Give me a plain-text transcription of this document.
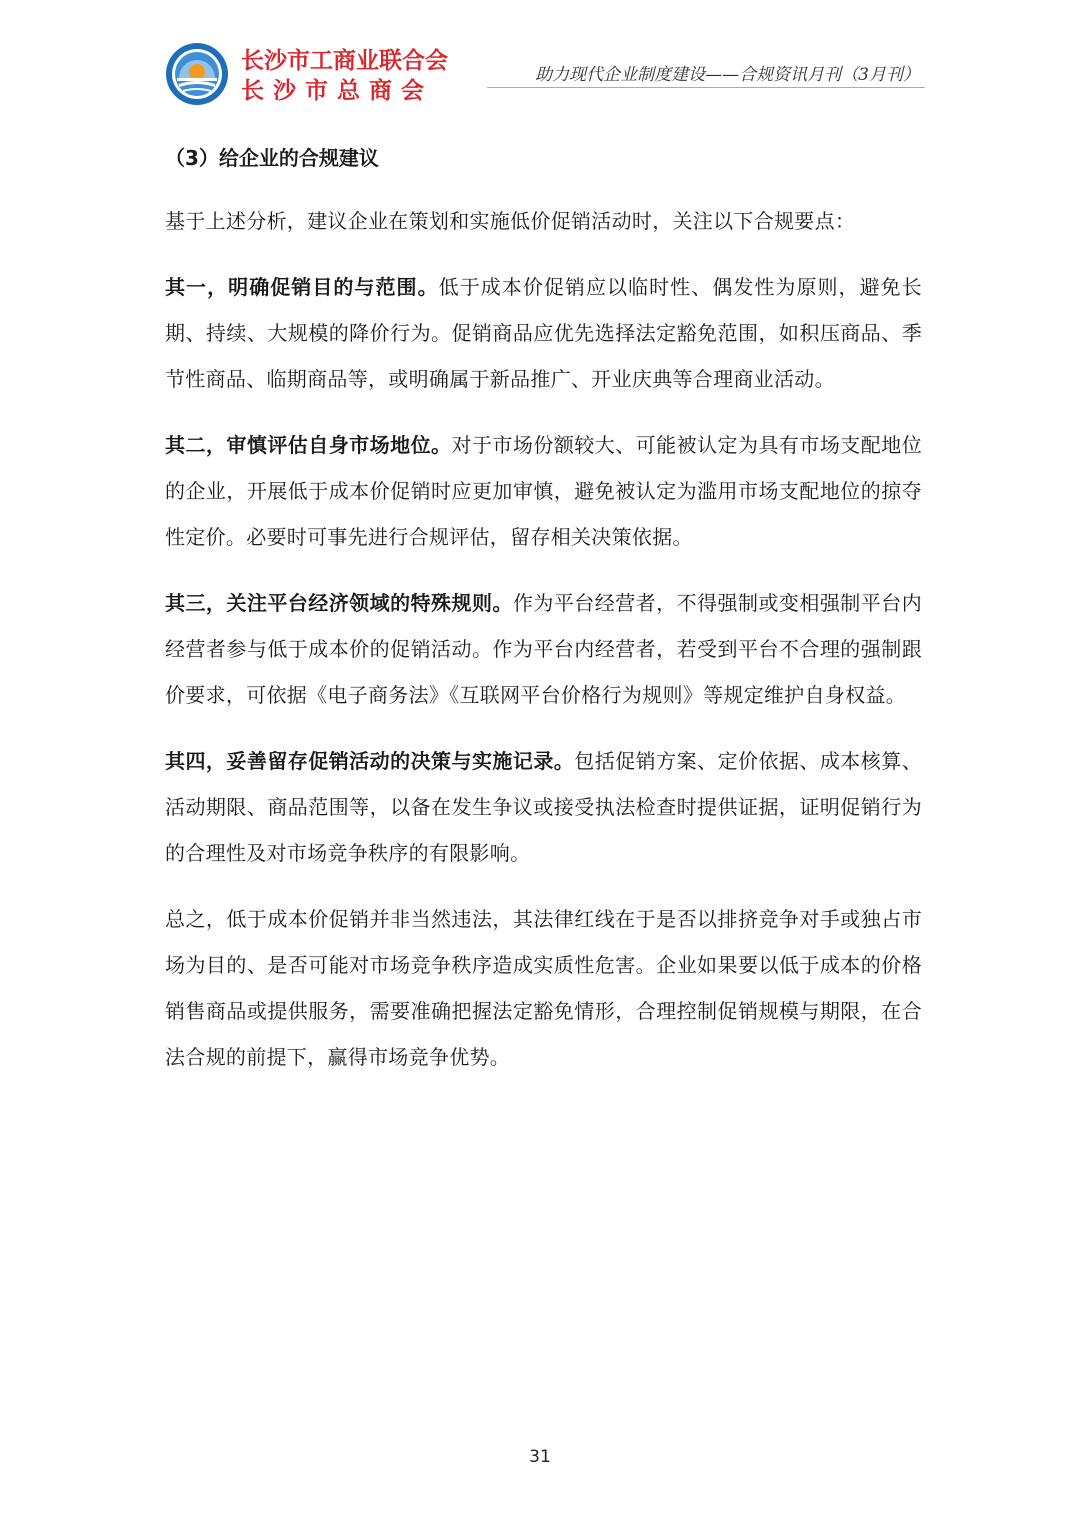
长沙市工商业联合会
长沙市总商会
助力现代企业制度建设——合规资讯月刊（3月刊）
（3）给企业的合规建议

基于上述分析，建议企业在策划和实施低价促销活动时，关注以下合规要点：

其一，明确促销目的与范围。低于成本价促销应以临时性、偶发性为原则，避免长期、持续、大规模的降价行为。促销商品应优先选择法定豁免范围，如积压商品、季节性商品、临期商品等，或明确属于新品推广、开业庆典等合理商业活动。

其二，审慎评估自身市场地位。对于市场份额较大、可能被认定为具有市场支配地位的企业，开展低于成本价促销时应更加审慎，避免被认定为滥用市场支配地位的掠夺性定价。必要时可事先进行合规评估，留存相关决策依据。

其三，关注平台经济领域的特殊规则。作为平台经营者，不得强制或变相强制平台内经营者参与低于成本价的促销活动。作为平台内经营者，若受到平台不合理的强制跟价要求，可依据《电子商务法》《互联网平台价格行为规则》等规定维护自身权益。

其四，妥善留存促销活动的决策与实施记录。包括促销方案、定价依据、成本核算、活动期限、商品范围等，以备在发生争议或接受执法检查时提供证据，证明促销行为的合理性及对市场竞争秩序的有限影响。

总之，低于成本价促销并非当然违法，其法律红线在于是否以排挤竞争对手或独占市场为目的、是否可能对市场竞争秩序造成实质性危害。企业如果要以低于成本的价格销售商品或提供服务，需要准确把握法定豁免情形，合理控制促销规模与期限，在合法合规的前提下，赢得市场竞争优势。

31
